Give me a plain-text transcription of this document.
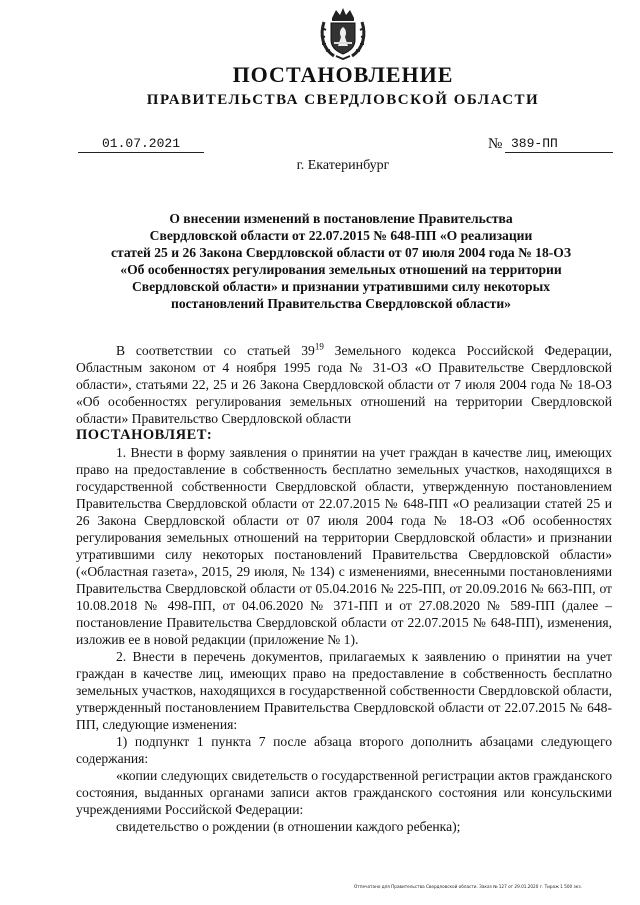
ПОСТАНОВЛЕНИЕ
ПРАВИТЕЛЬСТВА СВЕРДЛОВСКОЙ ОБЛАСТИ
01.07.2021	№ 389-ПП
г. Екатеринбург
О внесении изменений в постановление Правительства
Свердловской области от 22.07.2015 № 648-ПП «О реализации
статей 25 и 26 Закона Свердловской области от 07 июля 2004 года № 18-ОЗ
«Об особенностях регулирования земельных отношений на территории
Свердловской области» и признании утратившими силу некоторых
постановлений Правительства Свердловской области»

В соответствии со статьей $39^{19}$ Земельного кодекса Российской Федерации, Областным законом от 4 ноября 1995 года № 31-ОЗ «О Правительстве Свердловской области», статьями 22, 25 и 26 Закона Свердловской области от 7 июля 2004 года № 18-ОЗ «Об особенностях регулирования земельных отношений на территории Свердловской области» Правительство Свердловской области

ПОСТАНОВЛЯЕТ:

1. Внести в форму заявления о принятии на учет граждан в качестве лиц, имеющих право на предоставление в собственность бесплатно земельных участков, находящихся в государственной собственности Свердловской области, утвержденную постановлением Правительства Свердловской области от 22.07.2015 № 648-ПП «О реализации статей 25 и 26 Закона Свердловской области от 07 июля 2004 года № 18-ОЗ «Об особенностях регулирования земельных отношений на территории Свердловской области» и признании утратившими силу некоторых постановлений Правительства Свердловской области» («Областная газета», 2015, 29 июля, № 134) с изменениями, внесенными постановлениями Правительства Свердловской области от 05.04.2016 № 225-ПП, от 20.09.2016 № 663-ПП, от 10.08.2018 № 498-ПП, от 04.06.2020 № 371-ПП и от 27.08.2020 № 589-ПП (далее – постановление Правительства Свердловской области от 22.07.2015 № 648-ПП), изменения, изложив ее в новой редакции (приложение № 1).

2. Внести в перечень документов, прилагаемых к заявлению о принятии на учет граждан в качестве лиц, имеющих право на предоставление в собственность бесплатно земельных участков, находящихся в государственной собственности Свердловской области, утвержденный постановлением Правительства Свердловской области от 22.07.2015 № 648-ПП, следующие изменения:

1) подпункт 1 пункта 7 после абзаца второго дополнить абзацами следующего содержания:

«копии следующих свидетельств о государственной регистрации актов гражданского состояния, выданных органами записи актов гражданского состояния или консульскими учреждениями Российской Федерации:

свидетельство о рождении (в отношении каждого ребенка);

Отпечатано для Правительства Свердловской области. Заказ № 127 от 29.01.2020 г. Тираж 1 500 экз.
